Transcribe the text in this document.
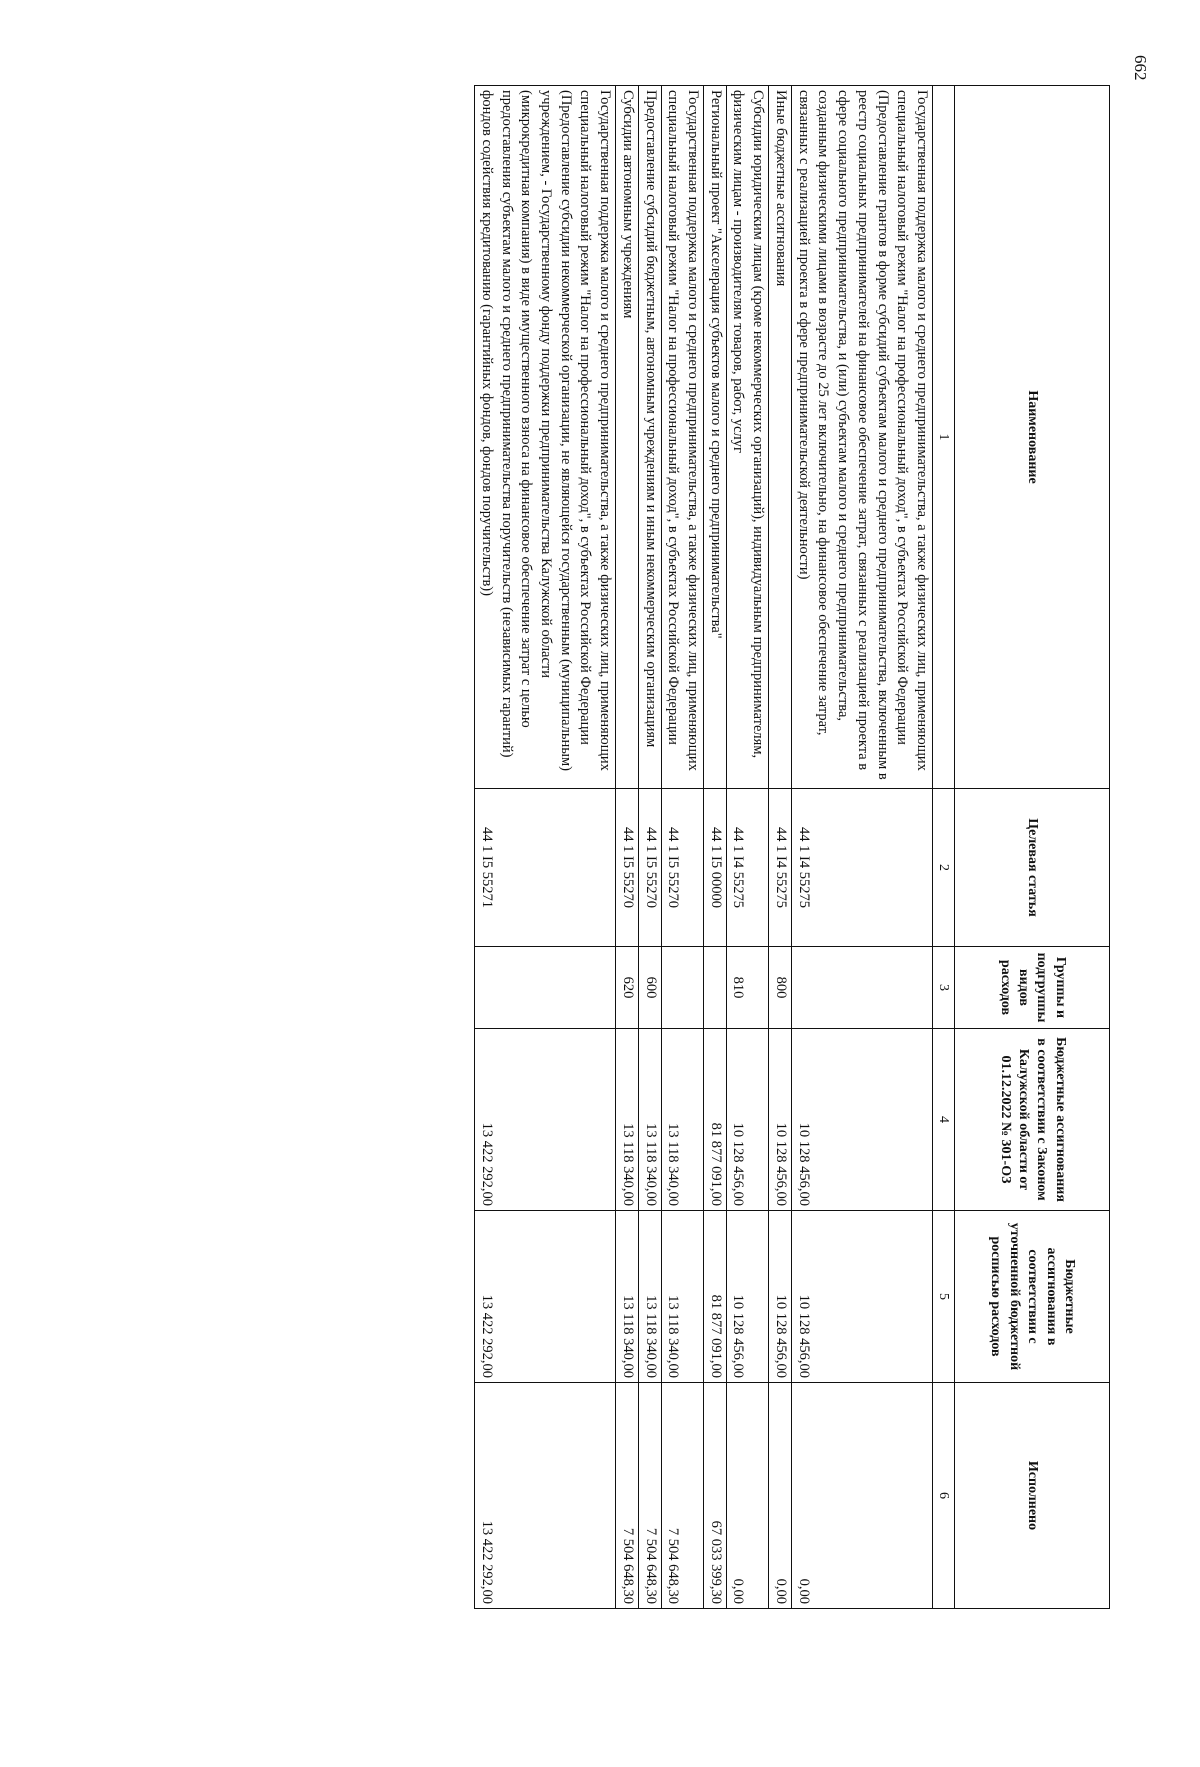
662
Наименование	Целевая статья	Группы и подгруппы видов расходов	Бюджетные ассигнования в соответствии с Законом Калужской области от 01.12.2022 № 301-ОЗ	Бюджетные ассигнования в соответствии с уточненной бюджетной росписью расходов	Исполнено
1	2	3	4	5	6
Государственная поддержка малого и среднего предпринимательства, а также физических лиц, применяющих специальный налоговый режим "Налог на профессиональный доход", в субъектах Российской Федерации (Предоставление грантов в форме субсидий субъектам малого и среднего предпринимательства, включенным в реестр социальных предпринимателей на финансовое обеспечение затрат, связанных с реализацией проекта в сфере социального предпринимательства, и (или) субъектам малого и среднего предпринимательства, созданным физическими лицами в возрасте до 25 лет включительно, на финансовое обеспечение затрат, связанных с реализацией проекта в сфере предпринимательской деятельности)	44 1 I4 55275		10 128 456,00	10 128 456,00	0,00
Иные бюджетные ассигнования	44 1 I4 55275	800	10 128 456,00	10 128 456,00	0,00
Субсидии юридическим лицам (кроме некоммерческих организаций), индивидуальным предпринимателям, физическим лицам - производителям товаров, работ, услуг	44 1 I4 55275	810	10 128 456,00	10 128 456,00	0,00
Региональный проект "Акселерация субъектов малого и среднего предпринимательства"	44 1 I5 00000		81 877 091,00	81 877 091,00	67 033 399,30
Государственная поддержка малого и среднего предпринимательства, а также физических лиц, применяющих специальный налоговый режим "Налог на профессиональный доход", в субъектах Российской Федерации	44 1 I5 55270		13 118 340,00	13 118 340,00	7 504 648,30
Предоставление субсидий бюджетным, автономным учреждениям и иным некоммерческим организациям	44 1 I5 55270	600	13 118 340,00	13 118 340,00	7 504 648,30
Субсидии автономным учреждениям	44 1 I5 55270	620	13 118 340,00	13 118 340,00	7 504 648,30
Государственная поддержка малого и среднего предпринимательства, а также физических лиц, применяющих специальный налоговый режим "Налог на профессиональный доход", в субъектах Российской Федерации (Предоставление субсидии некоммерческой организации, не являющейся государственным (муниципальным) учреждением, - Государственному фонду поддержки предпринимательства Калужской области (микрокредитная компания) в виде имущественного взноса на финансовое обеспечение затрат с целью предоставления субъектам малого и среднего предпринимательства поручительств (независимых гарантий) фондов содействия кредитованию (гарантийных фондов, фондов поручительств))	44 1 I5 55271		13 422 292,00	13 422 292,00	13 422 292,00
